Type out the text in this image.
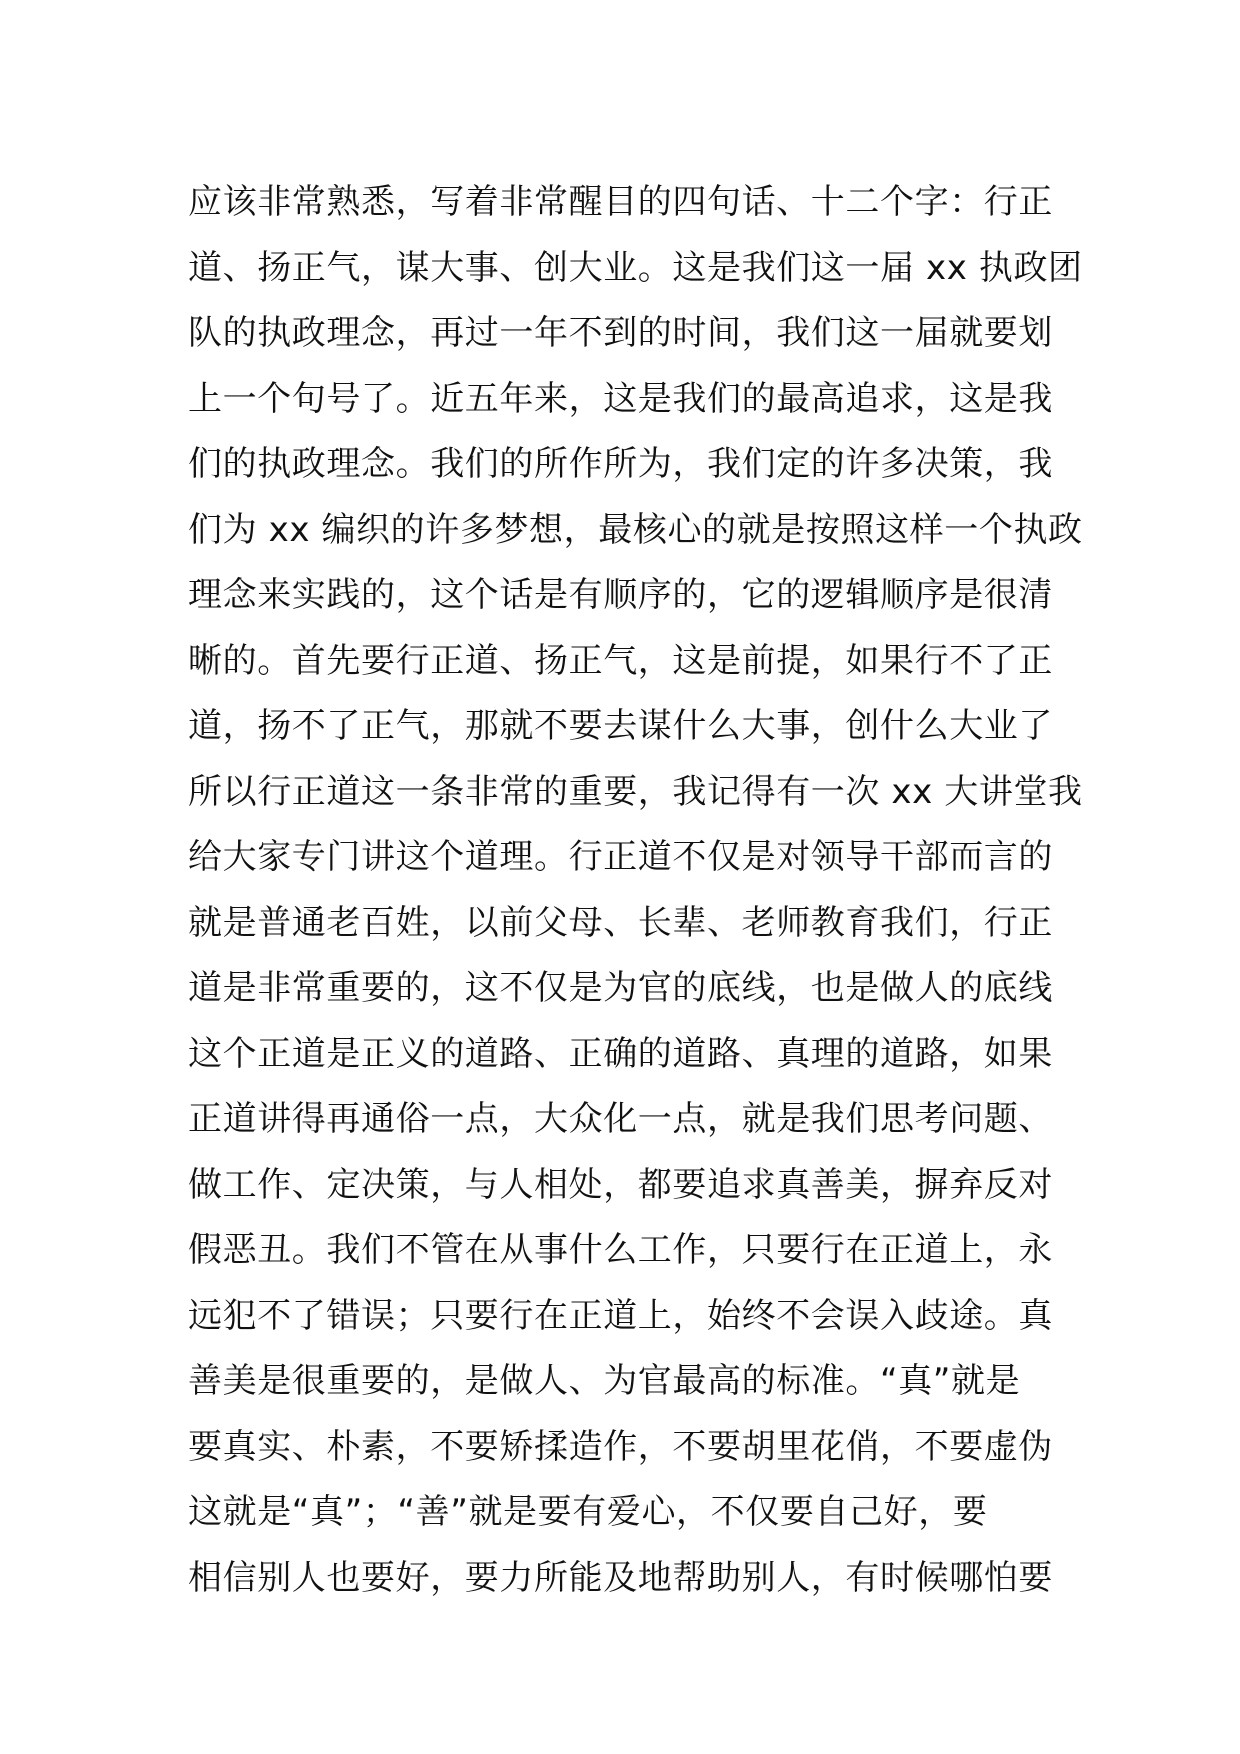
应该非常熟悉，写着非常醒目的四句话、十二个字：行正
道、扬正气，谋大事、创大业。这是我们这一届 xx 执政团
队的执政理念，再过一年不到的时间，我们这一届就要划
上一个句号了。近五年来，这是我们的最高追求，这是我
们的执政理念。我们的所作所为，我们定的许多决策，我
们为 xx 编织的许多梦想，最核心的就是按照这样一个执政
理念来实践的，这个话是有顺序的，它的逻辑顺序是很清
晰的。首先要行正道、扬正气，这是前提，如果行不了正
道，扬不了正气，那就不要去谋什么大事，创什么大业了
所以行正道这一条非常的重要，我记得有一次 xx 大讲堂我
给大家专门讲这个道理。行正道不仅是对领导干部而言的
就是普通老百姓，以前父母、长辈、老师教育我们，行正
道是非常重要的，这不仅是为官的底线，也是做人的底线
这个正道是正义的道路、正确的道路、真理的道路，如果
正道讲得再通俗一点，大众化一点，就是我们思考问题、
做工作、定决策，与人相处，都要追求真善美，摒弃反对
假恶丑。我们不管在从事什么工作，只要行在正道上，永
远犯不了错误；只要行在正道上，始终不会误入歧途。真
善美是很重要的，是做人、为官最高的标准。“真”就是
要真实、朴素，不要矫揉造作，不要胡里花俏，不要虚伪
这就是“真”；“善”就是要有爱心，不仅要自己好，要
相信别人也要好，要力所能及地帮助别人，有时候哪怕要
